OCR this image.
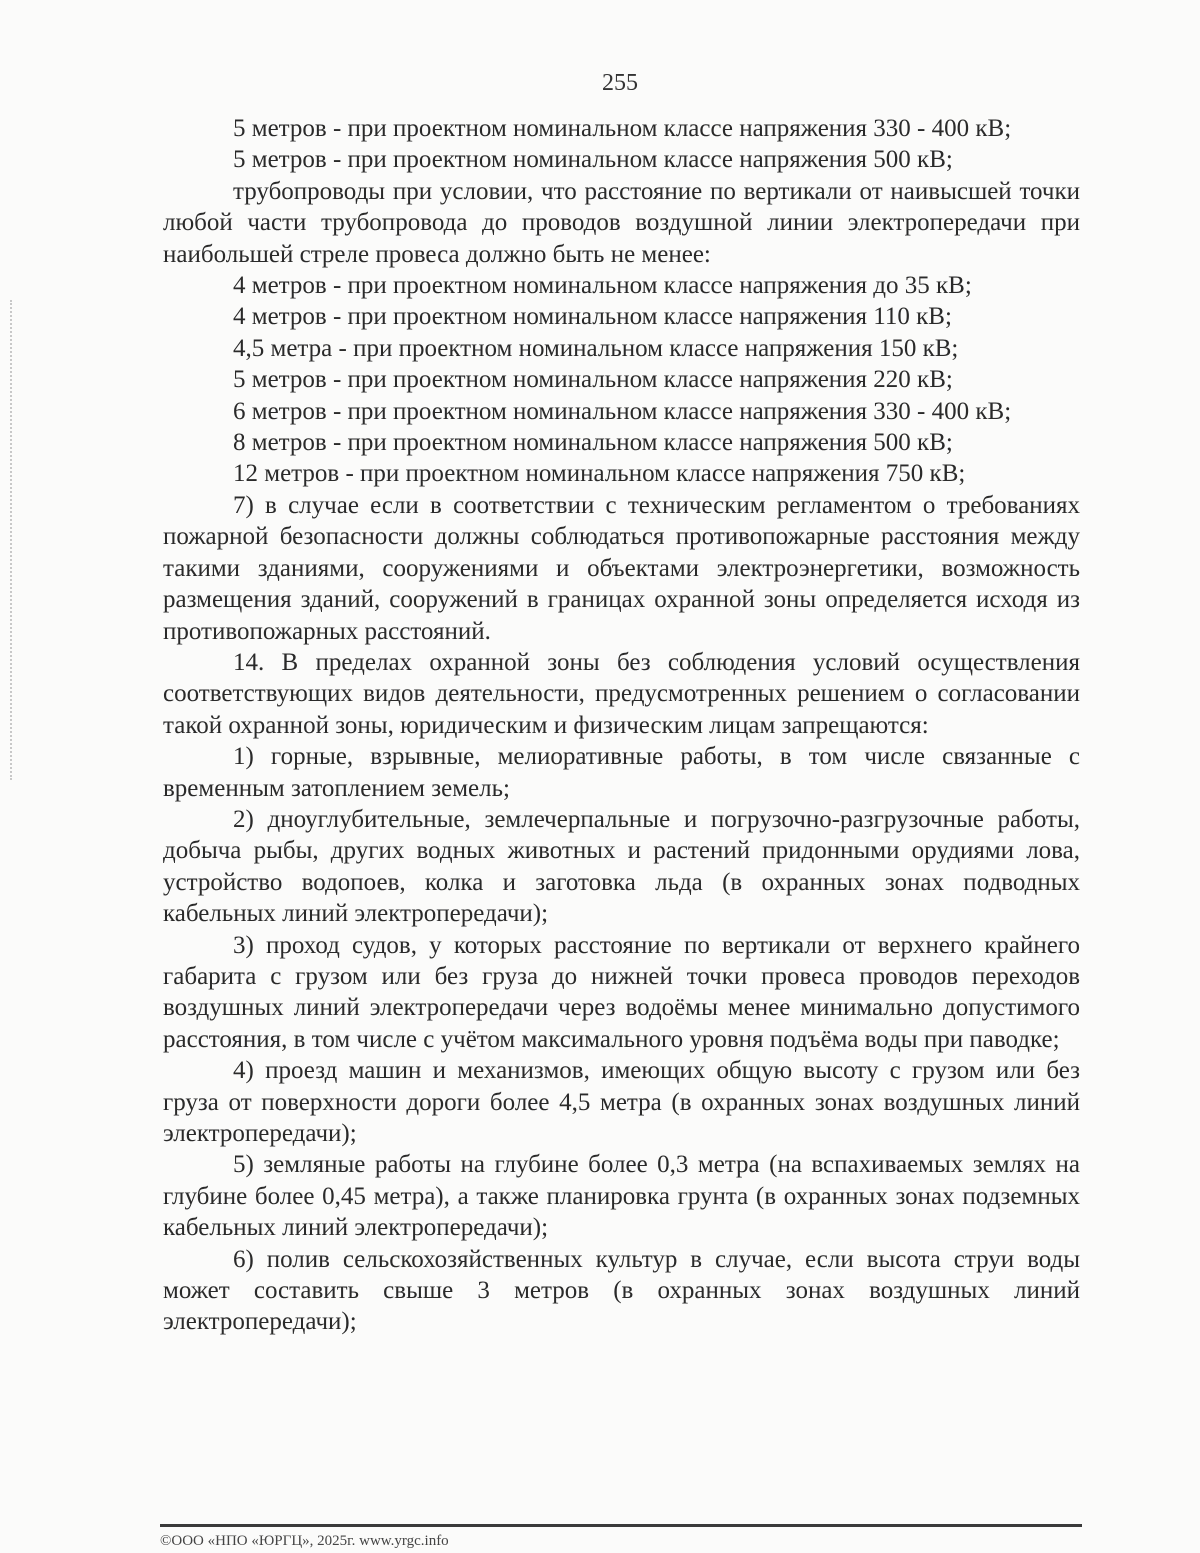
255

5 метров - при проектном номинальном классе напряжения 330 - 400 кВ;

5 метров - при проектном номинальном классе напряжения 500 кВ;

трубопроводы при условии, что расстояние по вертикали от наивысшей точки любой части трубопровода до проводов воздушной линии электропередачи при наибольшей стреле провеса должно быть не менее:

4 метров - при проектном номинальном классе напряжения до 35 кВ;

4 метров - при проектном номинальном классе напряжения 110 кВ;

4,5 метра - при проектном номинальном классе напряжения 150 кВ;

5 метров - при проектном номинальном классе напряжения 220 кВ;

6 метров - при проектном номинальном классе напряжения 330 - 400 кВ;

8 метров - при проектном номинальном классе напряжения 500 кВ;

12 метров - при проектном номинальном классе напряжения 750 кВ;

7) в случае если в соответствии с техническим регламентом о требованиях пожарной безопасности должны соблюдаться противопожарные расстояния между такими зданиями, сооружениями и объектами электроэнергетики, возможность размещения зданий, сооружений в границах охранной зоны определяется исходя из противопожарных расстояний.

14. В пределах охранной зоны без соблюдения условий осуществления соответствующих видов деятельности, предусмотренных решением о согласовании такой охранной зоны, юридическим и физическим лицам запрещаются:

1) горные, взрывные, мелиоративные работы, в том числе связанные с временным затоплением земель;

2) дноуглубительные, землечерпальные и погрузочно-разгрузочные работы, добыча рыбы, других водных животных и растений придонными орудиями лова, устройство водопоев, колка и заготовка льда (в охранных зонах подводных кабельных линий электропередачи);

3) проход судов, у которых расстояние по вертикали от верхнего крайнего габарита с грузом или без груза до нижней точки провеса проводов переходов воздушных линий электропередачи через водоёмы менее минимально допустимого расстояния, в том числе с учётом максимального уровня подъёма воды при паводке;

4) проезд машин и механизмов, имеющих общую высоту с грузом или без груза от поверхности дороги более 4,5 метра (в охранных зонах воздушных линий электропередачи);

5) земляные работы на глубине более 0,3 метра (на вспахиваемых землях на глубине более 0,45 метра), а также планировка грунта (в охранных зонах подземных кабельных линий электропередачи);

6) полив сельскохозяйственных культур в случае, если высота струи воды может составить свыше 3 метров (в охранных зонах воздушных линий электропередачи);

©ООО «НПО «ЮРГЦ», 2025г. www.yrgc.info
